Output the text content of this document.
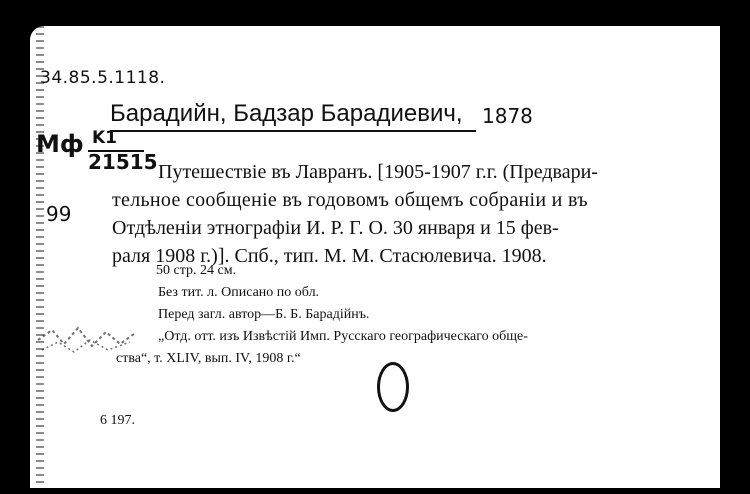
34.85.5.1118.
Барадийн, Бадзар Барадиевич, 1878
Мф K1
21515
99
Путешествіе въ Лавранъ. [1905-1907 г.г. (Предвари-
тельное сообщеніе въ годовомъ общемъ собраніи и въ
Отдѣленіи этнографіи И. Р. Г. О. 30 января и 15 фев-
раля 1908 г.)]. Спб., тип. М. М. Стасюлевича. 1908.
50 стр. 24 см.
Без тит. л. Описано по обл.
Перед загл. автор—Б. Б. Барадійнъ.
„Отд. отт. изъ Извѣстій Имп. Русскаго географическаго обще-
ства“, т. XLIV, вып. IV, 1908 г.“
6 197.
